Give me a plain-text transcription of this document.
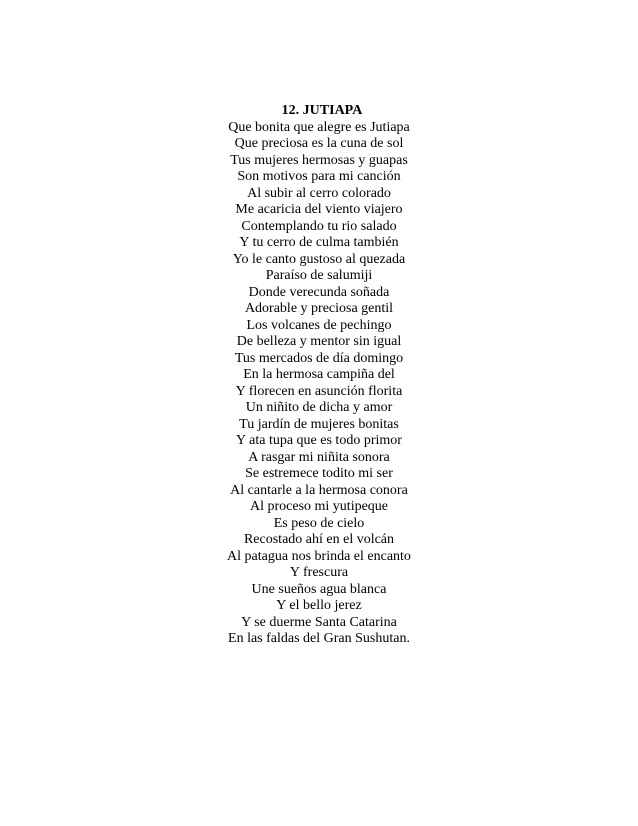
12. JUTIAPA
Que bonita que alegre es Jutiapa
Que preciosa es la cuna de sol
Tus mujeres hermosas y guapas
Son motivos para mi canción
Al subir al cerro colorado
Me acaricia del viento viajero
Contemplando tu rio salado
Y tu cerro de culma también
Yo le canto gustoso al quezada
Paraíso de salumiji
Donde verecunda soñada
Adorable y preciosa gentil
Los volcanes de pechingo
De belleza y mentor sin igual
Tus mercados de día domingo
En la hermosa campiña del
Y florecen en asunción florita
Un niñito de dicha y amor
Tu jardín de mujeres bonitas
Y ata tupa que es todo primor
A rasgar mi niñita sonora
Se estremece todito mi ser
Al cantarle a la hermosa conora
Al proceso mi yutipeque
Es peso de cielo
Recostado ahí en el volcán
Al patagua nos brinda el encanto
Y frescura
Une sueños agua blanca
Y el bello jerez
Y se duerme Santa Catarina
En las faldas del Gran Sushutan.
